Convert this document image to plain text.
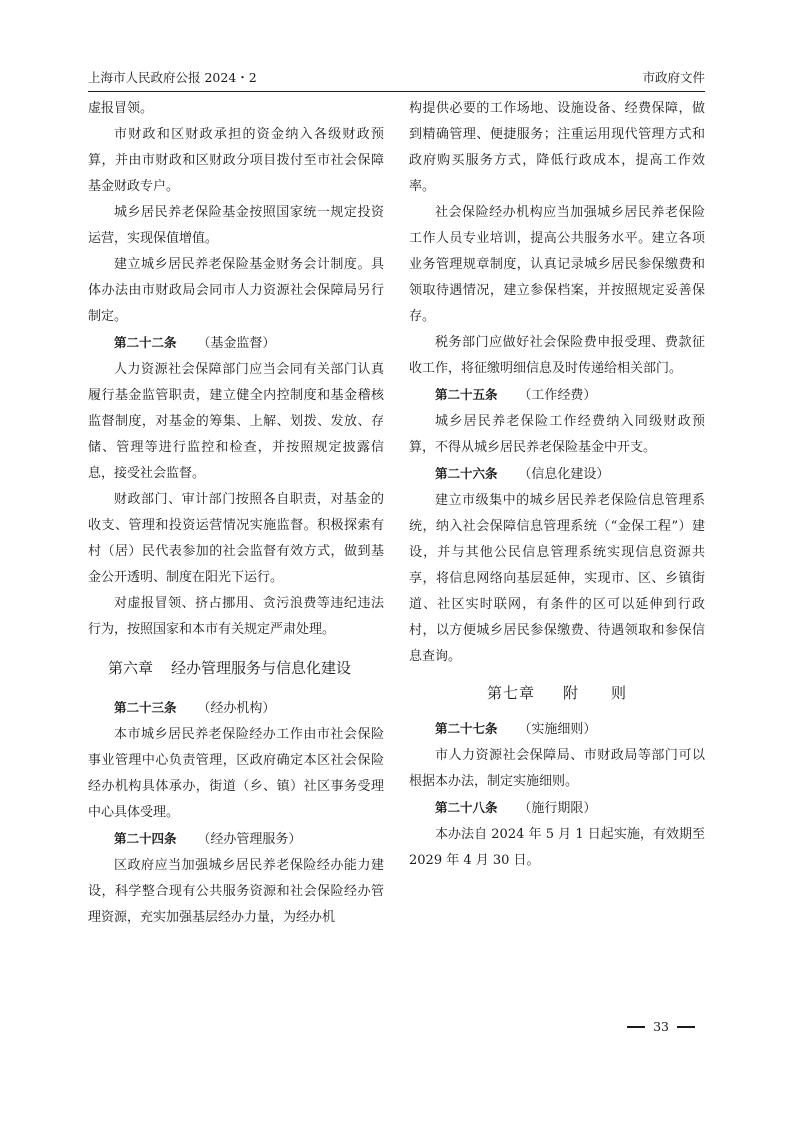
上海市人民政府公报 2024・2	市政府文件

虚报冒领。

市财政和区财政承担的资金纳入各级财政预算，并由市财政和区财政分项目拨付至市社会保障基金财政专户。

城乡居民养老保险基金按照国家统一规定投资运营，实现保值增值。

建立城乡居民养老保险基金财务会计制度。具体办法由市财政局会同市人力资源社会保障局另行制定。

第二十二条 （基金监督）

人力资源社会保障部门应当会同有关部门认真履行基金监管职责，建立健全内控制度和基金稽核监督制度，对基金的筹集、上解、划拨、发放、存储、管理等进行监控和检查，并按照规定披露信息，接受社会监督。

财政部门、审计部门按照各自职责，对基金的收支、管理和投资运营情况实施监督。积极探索有村（居）民代表参加的社会监督有效方式，做到基金公开透明、制度在阳光下运行。

对虚报冒领、挤占挪用、贪污浪费等违纪违法行为，按照国家和本市有关规定严肃处理。

第六章 经办管理服务与信息化建设
第二十三条 （经办机构）

本市城乡居民养老保险经办工作由市社会保险事业管理中心负责管理，区政府确定本区社会保险经办机构具体承办，街道（乡、镇）社区事务受理中心具体受理。

第二十四条 （经办管理服务）

区政府应当加强城乡居民养老保险经办能力建设，科学整合现有公共服务资源和社会保险经办管理资源，充实加强基层经办力量，为经办机

构提供必要的工作场地、设施设备、经费保障，做到精确管理、便捷服务；注重运用现代管理方式和政府购买服务方式，降低行政成本，提高工作效率。

社会保险经办机构应当加强城乡居民养老保险工作人员专业培训，提高公共服务水平。建立各项业务管理规章制度，认真记录城乡居民参保缴费和领取待遇情况，建立参保档案，并按照规定妥善保存。

税务部门应做好社会保险费申报受理、费款征收工作，将征缴明细信息及时传递给相关部门。

第二十五条 （工作经费）

城乡居民养老保险工作经费纳入同级财政预算，不得从城乡居民养老保险基金中开支。

第二十六条 （信息化建设）

建立市级集中的城乡居民养老保险信息管理系统，纳入社会保障信息管理系统（“金保工程”）建设，并与其他公民信息管理系统实现信息资源共享，将信息网络向基层延伸，实现市、区、乡镇街道、社区实时联网，有条件的区可以延伸到行政村，以方便城乡居民参保缴费、待遇领取和参保信息查询。

第七章 附　　则
第二十七条 （实施细则）

市人力资源社会保障局、市财政局等部门可以根据本办法，制定实施细则。

第二十八条 （施行期限）

本办法自 2024 年 5 月 1 日起实施，有效期至 2029 年 4 月 30 日。

33
